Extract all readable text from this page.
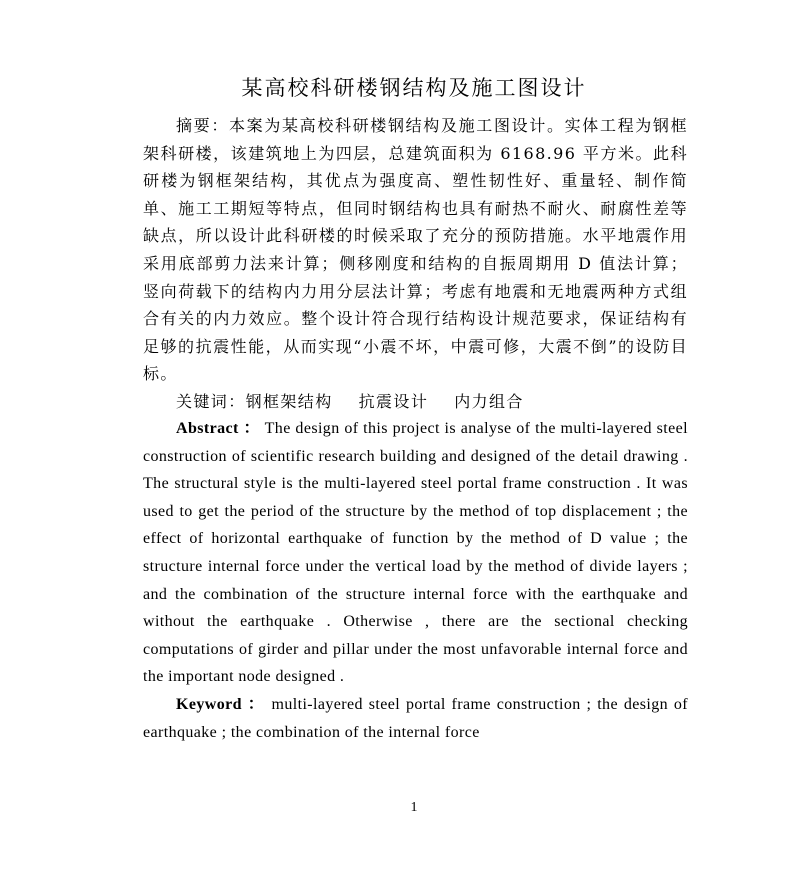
某高校科研楼钢结构及施工图设计

摘要：本案为某高校科研楼钢结构及施工图设计。实体工程为钢框架科研楼，该建筑地上为四层，总建筑面积为 6168.96 平方米。此科研楼为钢框架结构，其优点为强度高、塑性韧性好、重量轻、制作简单、施工工期短等特点，但同时钢结构也具有耐热不耐火、耐腐性差等缺点，所以设计此科研楼的时候采取了充分的预防措施。水平地震作用采用底部剪力法来计算；侧移刚度和结构的自振周期用 D 值法计算；竖向荷载下的结构内力用分层法计算；考虑有地震和无地震两种方式组合有关的内力效应。整个设计符合现行结构设计规范要求，保证结构有足够的抗震性能，从而实现“小震不坏，中震可修，大震不倒”的设防目标。

关键词：钢框架结构 抗震设计 内力组合

Abstract ： The design of this project is analyse of the multi-layered steel construction of scientific research building and designed of the detail drawing . The structural style is the multi-layered steel portal frame construction . It was used to get the period of the structure by the method of top displacement ; the effect of horizontal earthquake of function by the method of D value ; the structure internal force under the vertical load by the method of divide layers ; and the combination of the structure internal force with the earthquake and without the earthquake . Otherwise , there are the sectional checking computations of girder and pillar under the most unfavorable internal force and the important node designed .

Keyword ： multi-layered steel portal frame construction ; the design of earthquake ; the combination of the internal force

1
